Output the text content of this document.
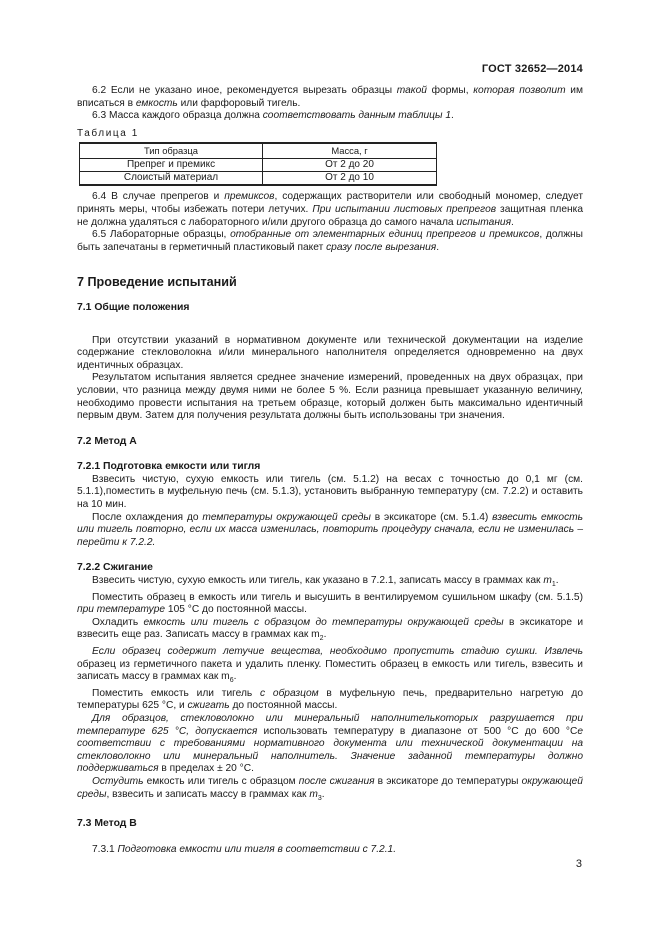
ГОСТ 32652—2014

6.2 Если не указано иное, рекомендуется вырезать образцы такой формы, которая позволит им вписаться в емкость или фарфоровый тигель.

6.3 Масса каждого образца должна соответствовать данным таблицы 1.

Таблица 1
Тип образца	Масса, г
Препрег и премикс	От 2 до 20
Слоистый материал	От 2 до 10

6.4 В случае препрегов и премиксов, содержащих растворители или свободный мономер, следует принять меры, чтобы избежать потери летучих. При испытании листовых препрегов защитная пленка не должна удаляться с лабораторного и/или другого образца до самого начала испытания.

6.5 Лабораторные образцы, отобранные от элементарных единиц препрегов и премиксов, должны быть запечатаны в герметичный пластиковый пакет сразу после вырезания.

7 Проведение испытаний

7.1 Общие положения

При отсутствии указаний в нормативном документе или технической документации на изделие содержание стекловолокна и/или минерального наполнителя определяется одновременно на двух идентичных образцах.

Результатом испытания является среднее значение измерений, проведенных на двух образцах, при условии, что разница между двумя ними не более 5 %. Если разница превышает указанную величину, необходимо провести испытания на третьем образце, который должен быть максимально идентичный первым двум. Затем для получения результата должны быть использованы три значения.

7.2 Метод А

7.2.1 Подготовка емкости или тигля

Взвесить чистую, сухую емкость или тигель (см. 5.1.2) на весах с точностью до 0,1 мг (см. 5.1.1),поместить в муфельную печь (см. 5.1.3), установить выбранную температуру (см. 7.2.2) и оставить на 10 мин.

После охлаждения до температуры окружающей среды в эксикаторе (см. 5.1.4) взвесить емкость или тигель повторно, если их масса изменилась, повторить процедуру сначала, если не изменилась – перейти к 7.2.2.

7.2.2 Сжигание

Взвесить чистую, сухую емкость или тигель, как указано в 7.2.1, записать массу в граммах как $m_1$.

Поместить образец в емкость или тигель и высушить в вентилируемом сушильном шкафу (см. 5.1.5) при температуре 105 °С до постоянной массы.

Охладить емкость или тигель с образцом до температуры окружающей среды в эксикаторе и взвесить еще раз. Записать массу в граммах как $m_2$.

Если образец содержит летучие вещества, необходимо пропустить стадию сушки. Извлечь образец из герметичного пакета и удалить пленку. Поместить образец в емкость или тигель, взвесить и записать массу в граммах как $m_6$.

Поместить емкость или тигель с образцом в муфельную печь, предварительно нагретую до температуры 625 °С, и сжигать до постоянной массы.

Для образцов, стекловолокно или минеральный наполнителькоторых разрушается при температуре 625 °С, допускается использовать температуру в диапазоне от 500 °С до 600 °Сe соответствии с требованиями нормативного документа или технической документации на стекловолокно или минеральный наполнитель. Значение заданной температуры должно поддерживаться в пределах ± 20 °С.

Остудить емкость или тигель с образцом после сжигания в эксикаторе до температуры окружающей среды, взвесить и записать массу в граммах как $m_3$.

7.3 Метод В

7.3.1 Подготовка емкости или тигля в соответствии с 7.2.1.

3
